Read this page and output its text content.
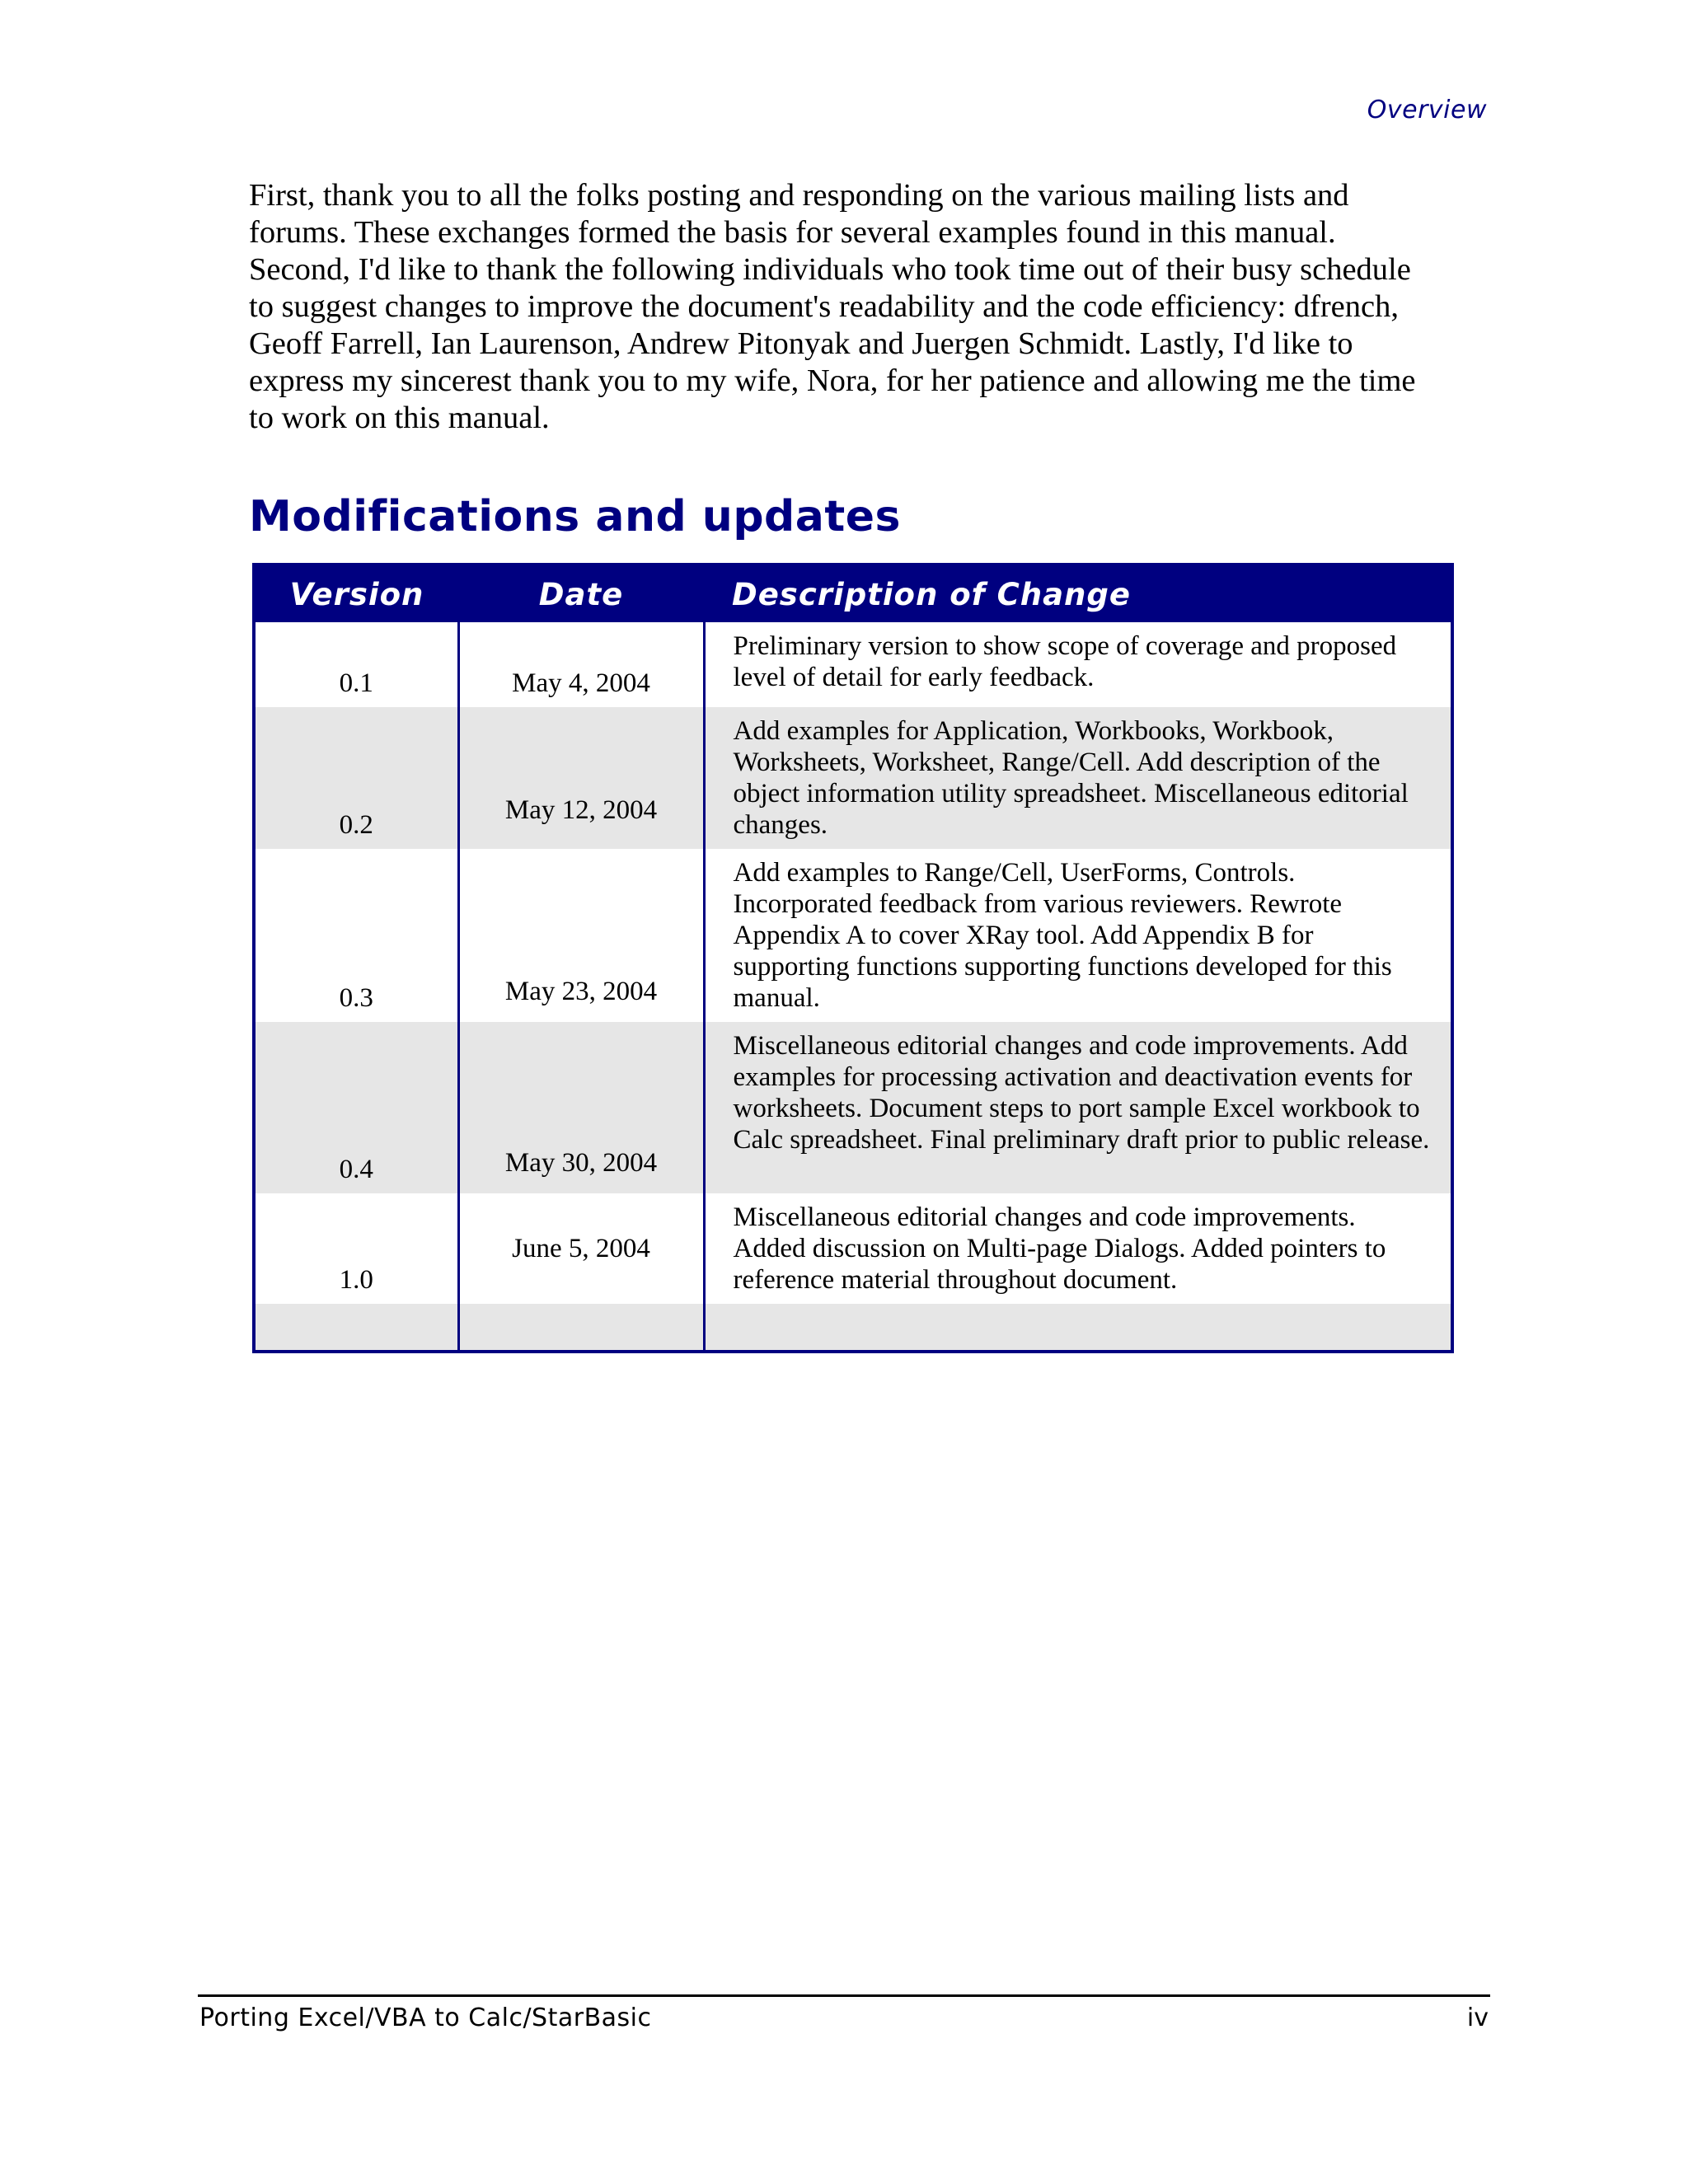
Overview

First, thank you to all the folks posting and responding on the various mailing lists and
forums. These exchanges formed the basis for several examples found in this manual.
Second, I'd like to thank the following individuals who took time out of their busy schedule
to suggest changes to improve the document's readability and the code efficiency: dfrench,
Geoff Farrell, Ian Laurenson, Andrew Pitonyak and Juergen Schmidt. Lastly, I'd like to
express my sincerest thank you to my wife, Nora, for her patience and allowing me the time
to work on this manual.

Modifications and updates
Version	Date	Description of Change
0.1	May 4, 2004	Preliminary version to show scope of coverage and proposed level of detail for early feedback.
0.2	May 12, 2004	Add examples for Application, Workbooks, Workbook, Worksheets, Worksheet, Range/Cell. Add description of the object information utility spreadsheet. Miscellaneous editorial changes.
0.3	May 23, 2004	Add examples to Range/Cell, UserForms, Controls. Incorporated feedback from various reviewers. Rewrote Appendix A to cover XRay tool. Add Appendix B for supporting functions supporting functions developed for this manual.
0.4	May 30, 2004	Miscellaneous editorial changes and code improvements. Add examples for processing activation and deactivation events for worksheets. Document steps to port sample Excel workbook to Calc spreadsheet. Final preliminary draft prior to public release.
1.0	June 5, 2004	Miscellaneous editorial changes and code improvements. Added discussion on Multi-page Dialogs. Added pointers to reference material throughout document.

Porting Excel/VBA to Calc/StarBasic	iv
